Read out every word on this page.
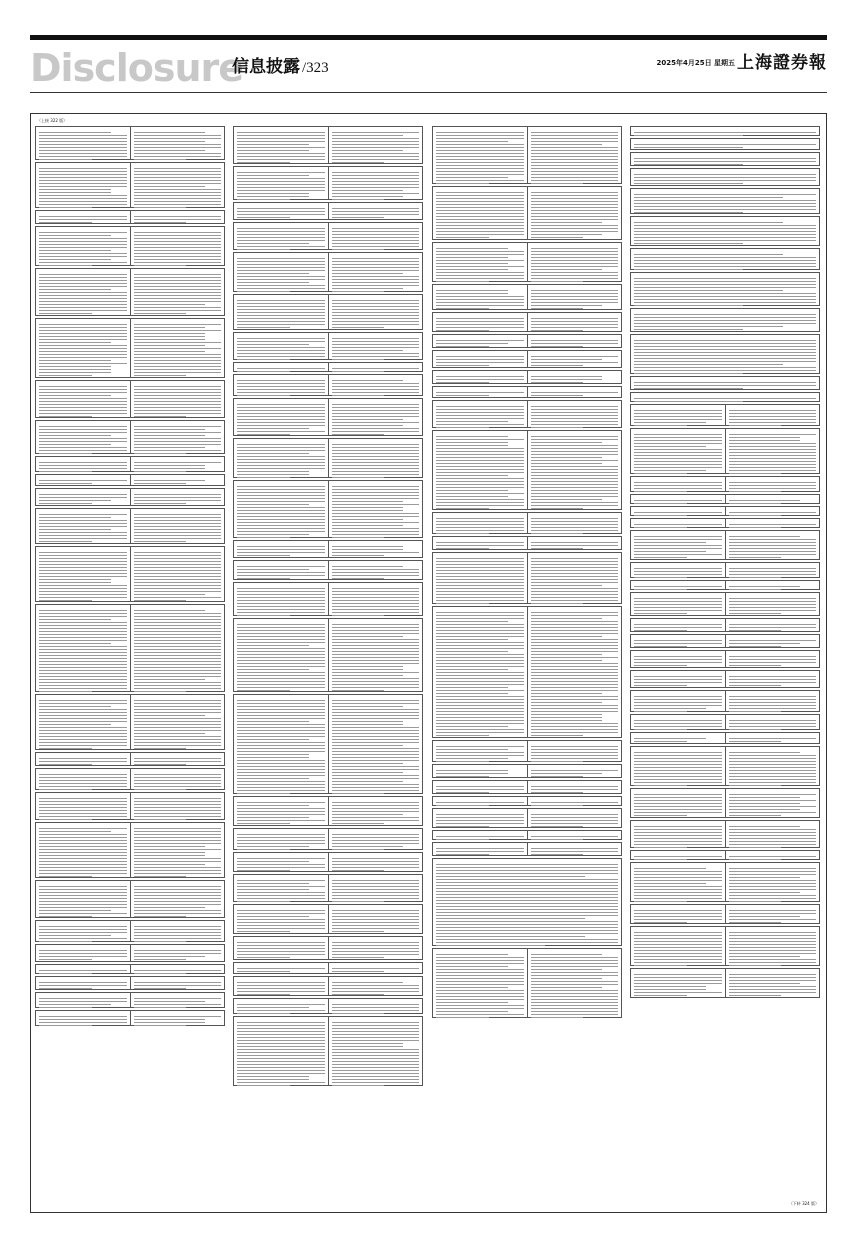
Disclosure
信息披露 /323	2025年4月25日 星期五 上海證券報
（上接 322 版）
（下转 324 版）
